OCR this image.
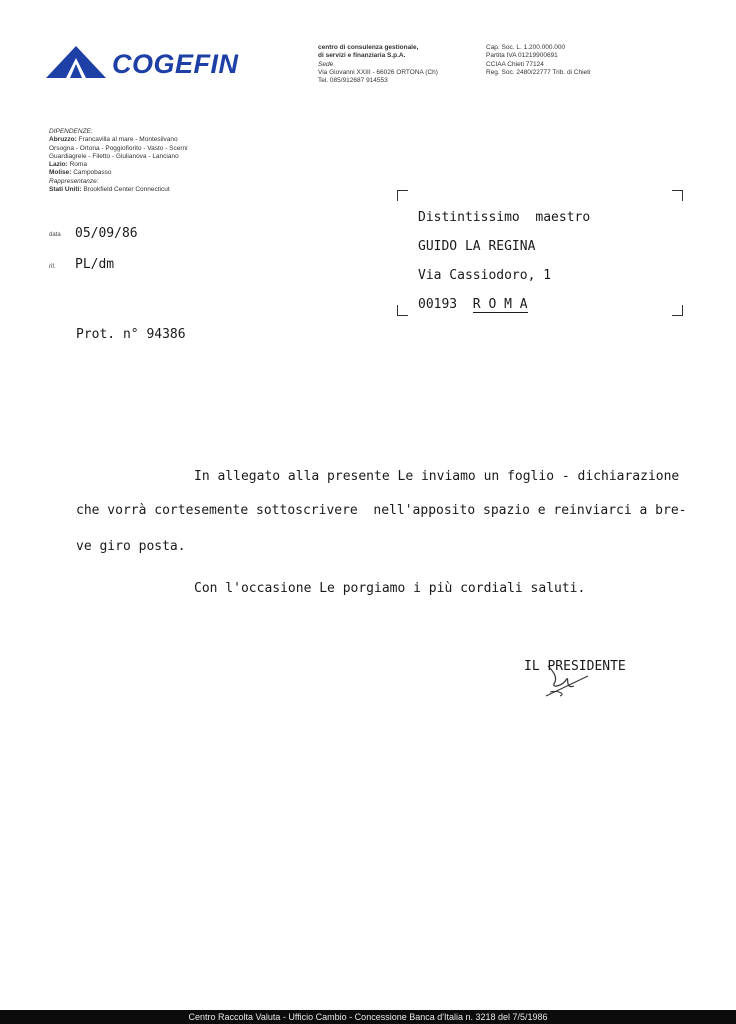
COGEFIN
centro di consulenza gestionale,
di servizi e finanziaria S.p.A.
Sede
Via Giovanni XXIII - 66026 ORTONA (Ch)
Tel. 085/912687 914553
Cap. Soc. L. 1.200.000.000
Partita IVA 01219900691
CCIAA Chieti 77124
Reg. Soc. 2480/22777 Trib. di Chieti
DIPENDENZE:
Abruzzo: Francavilla al mare - Montesilvano
Orsogna - Ortona - Poggiofiorito - Vasto - Scerni
Guardiagrele - Filetto - Giulianova - Lanciano
Lazio: Roma
Molise: Campobasso
Rappresentanze:
Stati Uniti: Brookfield Center Connecticut
data 05/09/86
rif. PL/dm
Prot. n° 94386
Distintissimo  maestro
GUIDO LA REGINA
Via Cassiodoro, 1
00193 R O M A
In allegato alla presente Le inviamo un foglio - dichiarazione
che vorrà cortesemente sottoscrivere  nell'apposito spazio e reinviarci a bre-
ve giro posta.
Con l'occasione Le porgiamo i più cordiali saluti.
IL PRESIDENTE
Centro Raccolta Valuta - Ufficio Cambio - Concessione Banca d'Italia n. 3218 del 7/5/1986
